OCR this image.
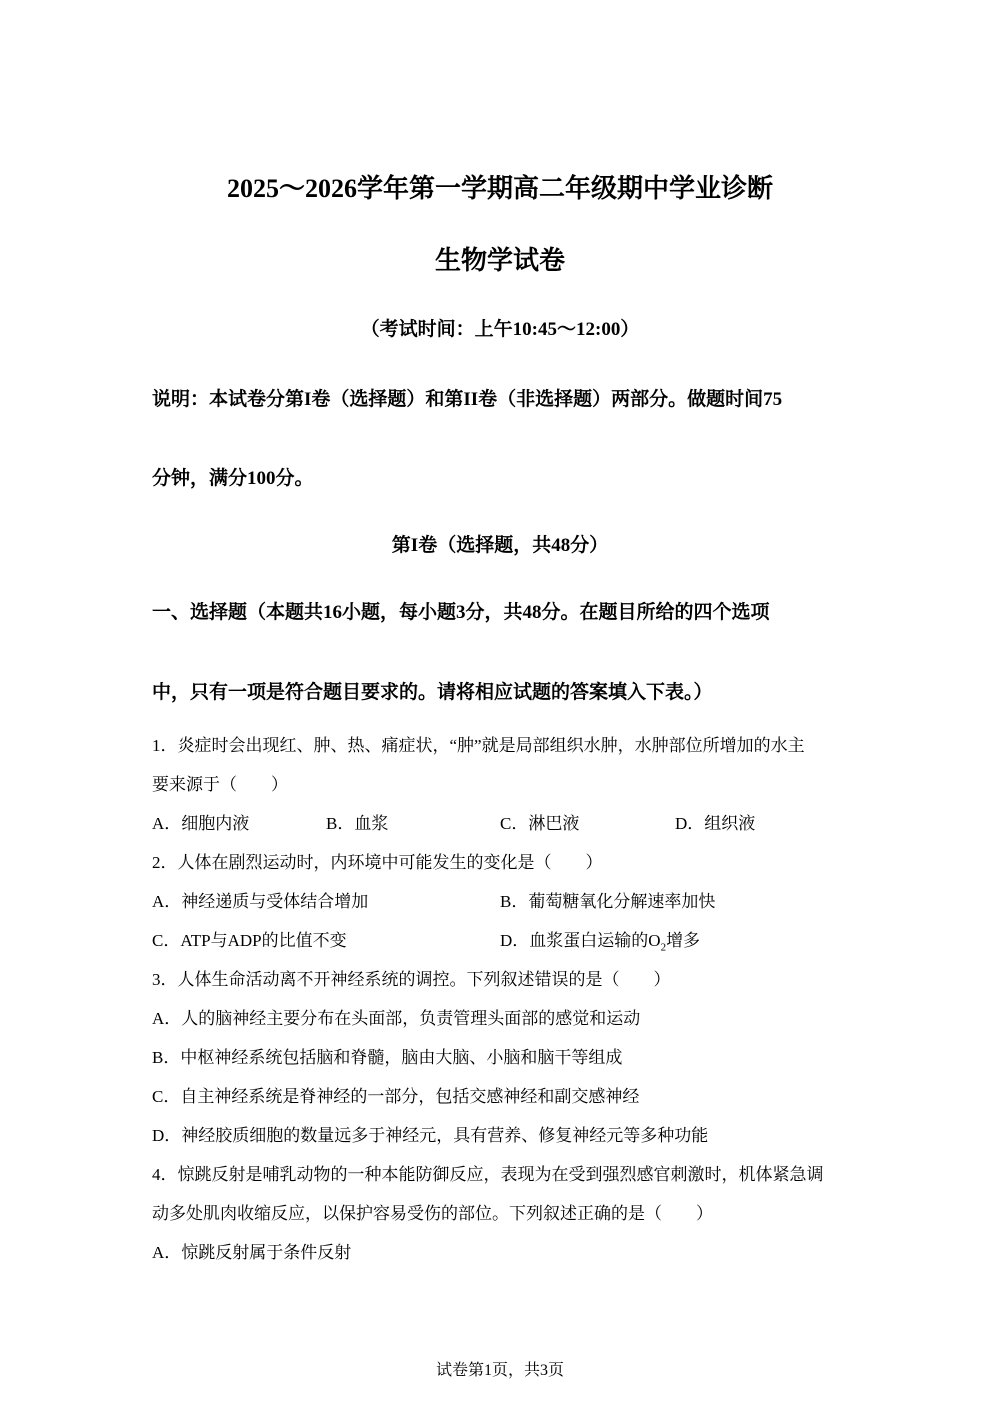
2025～2026学年第一学期高二年级期中学业诊断
生物学试卷
（考试时间：上午10:45～12:00）
说明：本试卷分第I卷（选择题）和第II卷（非选择题）两部分。做题时间75
分钟，满分100分。
第I卷（选择题，共48分）
一、选择题（本题共16小题，每小题3分，共48分。在题目所给的四个选项
中，只有一项是符合题目要求的。请将相应试题的答案填入下表。）
1．炎症时会出现红、肿、热、痛症状，“肿”就是局部组织水肿，水肿部位所增加的水主
要来源于（　　）
A．细胞内液	B．血浆	C．淋巴液	D．组织液
2．人体在剧烈运动时，内环境中可能发生的变化是（　　）
A．神经递质与受体结合增加	B．葡萄糖氧化分解速率加快
C．ATP与ADP的比值不变	D．血浆蛋白运输的$O_2$增多
3．人体生命活动离不开神经系统的调控。下列叙述错误的是（　　）
A．人的脑神经主要分布在头面部，负责管理头面部的感觉和运动
B．中枢神经系统包括脑和脊髓，脑由大脑、小脑和脑干等组成
C．自主神经系统是脊神经的一部分，包括交感神经和副交感神经
D．神经胶质细胞的数量远多于神经元，具有营养、修复神经元等多种功能
4．惊跳反射是哺乳动物的一种本能防御反应，表现为在受到强烈感官刺激时，机体紧急调
动多处肌肉收缩反应，以保护容易受伤的部位。下列叙述正确的是（　　）
A．惊跳反射属于条件反射
试卷第1页，共3页
